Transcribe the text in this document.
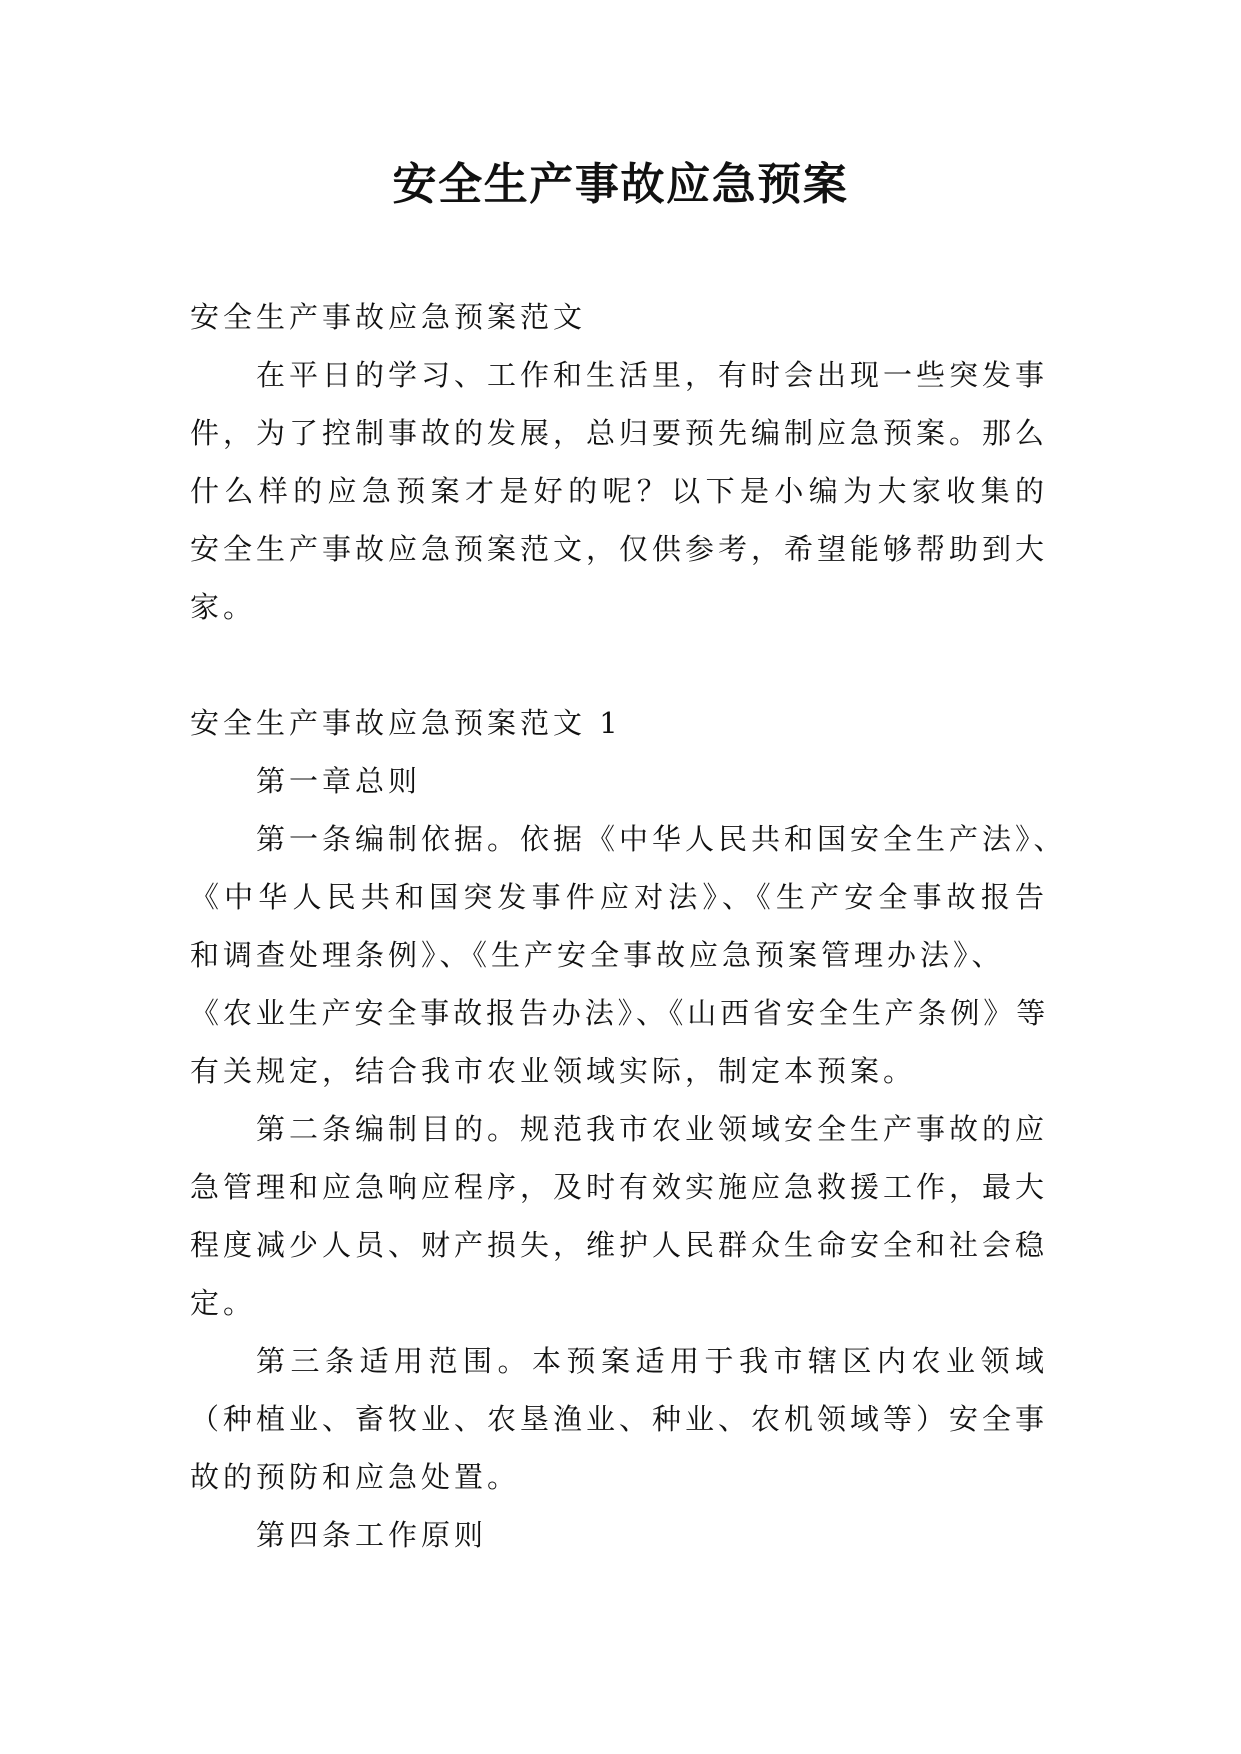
安全生产事故应急预案
安全生产事故应急预案范文
在平日的学习、工作和生活里，有时会出现一些突发事
件，为了控制事故的发展，总归要预先编制应急预案。那么
什么样的应急预案才是好的呢？以下是小编为大家收集的
安全生产事故应急预案范文，仅供参考，希望能够帮助到大
家。
安全生产事故应急预案范文 1
第一章总则
第一条编制依据。依据《中华人民共和国安全生产法》、
《中华人民共和国突发事件应对法》、《生产安全事故报告
和调查处理条例》、《生产安全事故应急预案管理办法》、
《农业生产安全事故报告办法》、《山西省安全生产条例》等
有关规定，结合我市农业领域实际，制定本预案。
第二条编制目的。规范我市农业领域安全生产事故的应
急管理和应急响应程序，及时有效实施应急救援工作，最大
程度减少人员、财产损失，维护人民群众生命安全和社会稳
定。
第三条适用范围。本预案适用于我市辖区内农业领域
（种植业、畜牧业、农垦渔业、种业、农机领域等）安全事
故的预防和应急处置。
第四条工作原则
